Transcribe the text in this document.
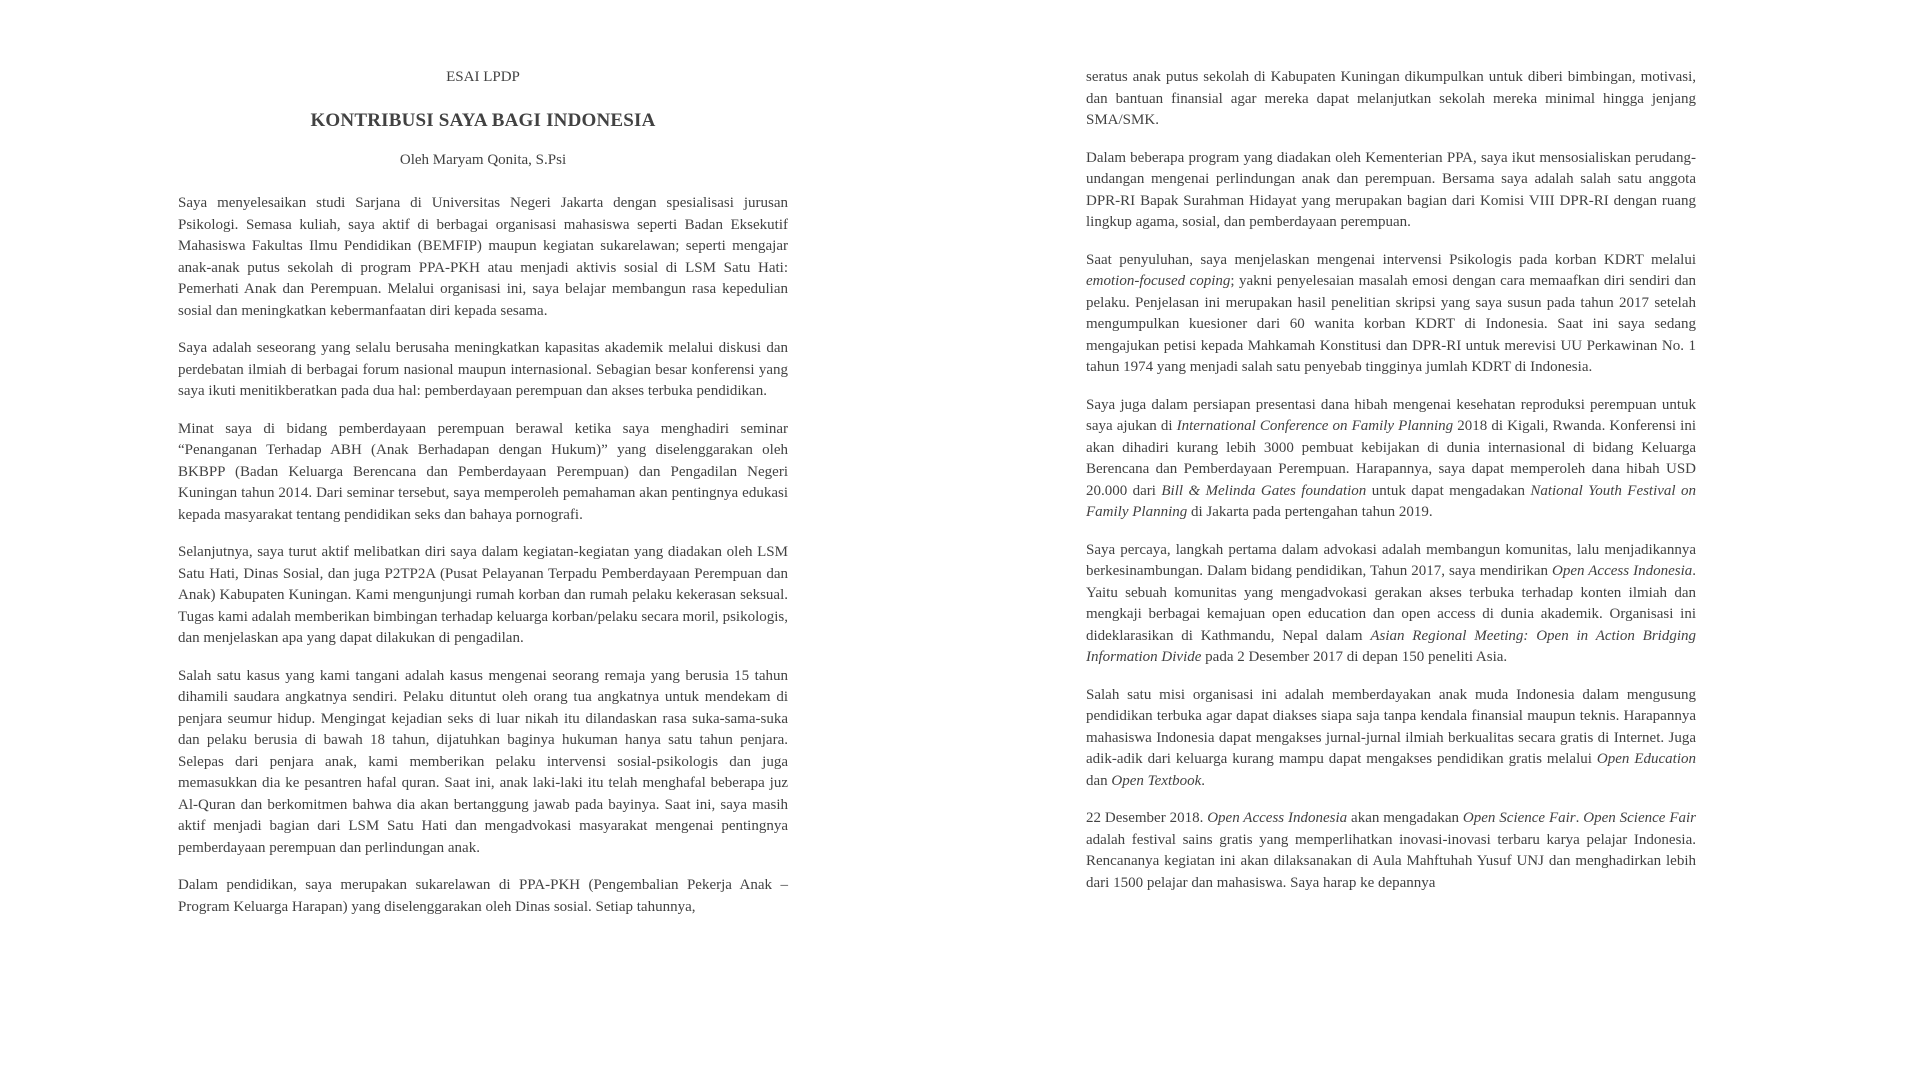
ESAI LPDP

KONTRIBUSI SAYA BAGI INDONESIA

Oleh Maryam Qonita, S.Psi

Saya menyelesaikan studi Sarjana di Universitas Negeri Jakarta dengan spesialisasi jurusan Psikologi. Semasa kuliah, saya aktif di berbagai organisasi mahasiswa seperti Badan Eksekutif Mahasiswa Fakultas Ilmu Pendidikan (BEMFIP) maupun kegiatan sukarelawan; seperti mengajar anak-anak putus sekolah di program PPA-PKH atau menjadi aktivis sosial di LSM Satu Hati: Pemerhati Anak dan Perempuan. Melalui organisasi ini, saya belajar membangun rasa kepedulian sosial dan meningkatkan kebermanfaatan diri kepada sesama.

Saya adalah seseorang yang selalu berusaha meningkatkan kapasitas akademik melalui diskusi dan perdebatan ilmiah di berbagai forum nasional maupun internasional. Sebagian besar konferensi yang saya ikuti menitikberatkan pada dua hal: pemberdayaan perempuan dan akses terbuka pendidikan.

Minat saya di bidang pemberdayaan perempuan berawal ketika saya menghadiri seminar “Penanganan Terhadap ABH (Anak Berhadapan dengan Hukum)” yang diselenggarakan oleh BKBPP (Badan Keluarga Berencana dan Pemberdayaan Perempuan) dan Pengadilan Negeri Kuningan tahun 2014. Dari seminar tersebut, saya memperoleh pemahaman akan pentingnya edukasi kepada masyarakat tentang pendidikan seks dan bahaya pornografi.

Selanjutnya, saya turut aktif melibatkan diri saya dalam kegiatan-kegiatan yang diadakan oleh LSM Satu Hati, Dinas Sosial, dan juga P2TP2A (Pusat Pelayanan Terpadu Pemberdayaan Perempuan dan Anak) Kabupaten Kuningan. Kami mengunjungi rumah korban dan rumah pelaku kekerasan seksual. Tugas kami adalah memberikan bimbingan terhadap keluarga korban/pelaku secara moril, psikologis, dan menjelaskan apa yang dapat dilakukan di pengadilan.

Salah satu kasus yang kami tangani adalah kasus mengenai seorang remaja yang berusia 15 tahun dihamili saudara angkatnya sendiri. Pelaku dituntut oleh orang tua angkatnya untuk mendekam di penjara seumur hidup. Mengingat kejadian seks di luar nikah itu dilandaskan rasa suka-sama-suka dan pelaku berusia di bawah 18 tahun, dijatuhkan baginya hukuman hanya satu tahun penjara. Selepas dari penjara anak, kami memberikan pelaku intervensi sosial-psikologis dan juga memasukkan dia ke pesantren hafal quran. Saat ini, anak laki-laki itu telah menghafal beberapa juz Al-Quran dan berkomitmen bahwa dia akan bertanggung jawab pada bayinya. Saat ini, saya masih aktif menjadi bagian dari LSM Satu Hati dan mengadvokasi masyarakat mengenai pentingnya pemberdayaan perempuan dan perlindungan anak.

Dalam pendidikan, saya merupakan sukarelawan di PPA-PKH (Pengembalian Pekerja Anak – Program Keluarga Harapan) yang diselenggarakan oleh Dinas sosial. Setiap tahunnya,

seratus anak putus sekolah di Kabupaten Kuningan dikumpulkan untuk diberi bimbingan, motivasi, dan bantuan finansial agar mereka dapat melanjutkan sekolah mereka minimal hingga jenjang SMA/SMK.

Dalam beberapa program yang diadakan oleh Kementerian PPA, saya ikut mensosialiskan perudang-undangan mengenai perlindungan anak dan perempuan. Bersama saya adalah salah satu anggota DPR-RI Bapak Surahman Hidayat yang merupakan bagian dari Komisi VIII DPR-RI dengan ruang lingkup agama, sosial, dan pemberdayaan perempuan.

Saat penyuluhan, saya menjelaskan mengenai intervensi Psikologis pada korban KDRT melalui emotion-focused coping; yakni penyelesaian masalah emosi dengan cara memaafkan diri sendiri dan pelaku. Penjelasan ini merupakan hasil penelitian skripsi yang saya susun pada tahun 2017 setelah mengumpulkan kuesioner dari 60 wanita korban KDRT di Indonesia. Saat ini saya sedang mengajukan petisi kepada Mahkamah Konstitusi dan DPR-RI untuk merevisi UU Perkawinan No. 1 tahun 1974 yang menjadi salah satu penyebab tingginya jumlah KDRT di Indonesia.

Saya juga dalam persiapan presentasi dana hibah mengenai kesehatan reproduksi perempuan untuk saya ajukan di International Conference on Family Planning 2018 di Kigali, Rwanda. Konferensi ini akan dihadiri kurang lebih 3000 pembuat kebijakan di dunia internasional di bidang Keluarga Berencana dan Pemberdayaan Perempuan. Harapannya, saya dapat memperoleh dana hibah USD 20.000 dari Bill & Melinda Gates foundation untuk dapat mengadakan National Youth Festival on Family Planning di Jakarta pada pertengahan tahun 2019.

Saya percaya, langkah pertama dalam advokasi adalah membangun komunitas, lalu menjadikannya berkesinambungan. Dalam bidang pendidikan, Tahun 2017, saya mendirikan Open Access Indonesia. Yaitu sebuah komunitas yang mengadvokasi gerakan akses terbuka terhadap konten ilmiah dan mengkaji berbagai kemajuan open education dan open access di dunia akademik. Organisasi ini dideklarasikan di Kathmandu, Nepal dalam Asian Regional Meeting: Open in Action Bridging Information Divide pada 2 Desember 2017 di depan 150 peneliti Asia.

Salah satu misi organisasi ini adalah memberdayakan anak muda Indonesia dalam mengusung pendidikan terbuka agar dapat diakses siapa saja tanpa kendala finansial maupun teknis. Harapannya mahasiswa Indonesia dapat mengakses jurnal-jurnal ilmiah berkualitas secara gratis di Internet. Juga adik-adik dari keluarga kurang mampu dapat mengakses pendidikan gratis melalui Open Education dan Open Textbook.

22 Desember 2018. Open Access Indonesia akan mengadakan Open Science Fair. Open Science Fair adalah festival sains gratis yang memperlihatkan inovasi-inovasi terbaru karya pelajar Indonesia. Rencananya kegiatan ini akan dilaksanakan di Aula Mahftuhah Yusuf UNJ dan menghadirkan lebih dari 1500 pelajar dan mahasiswa. Saya harap ke depannya
